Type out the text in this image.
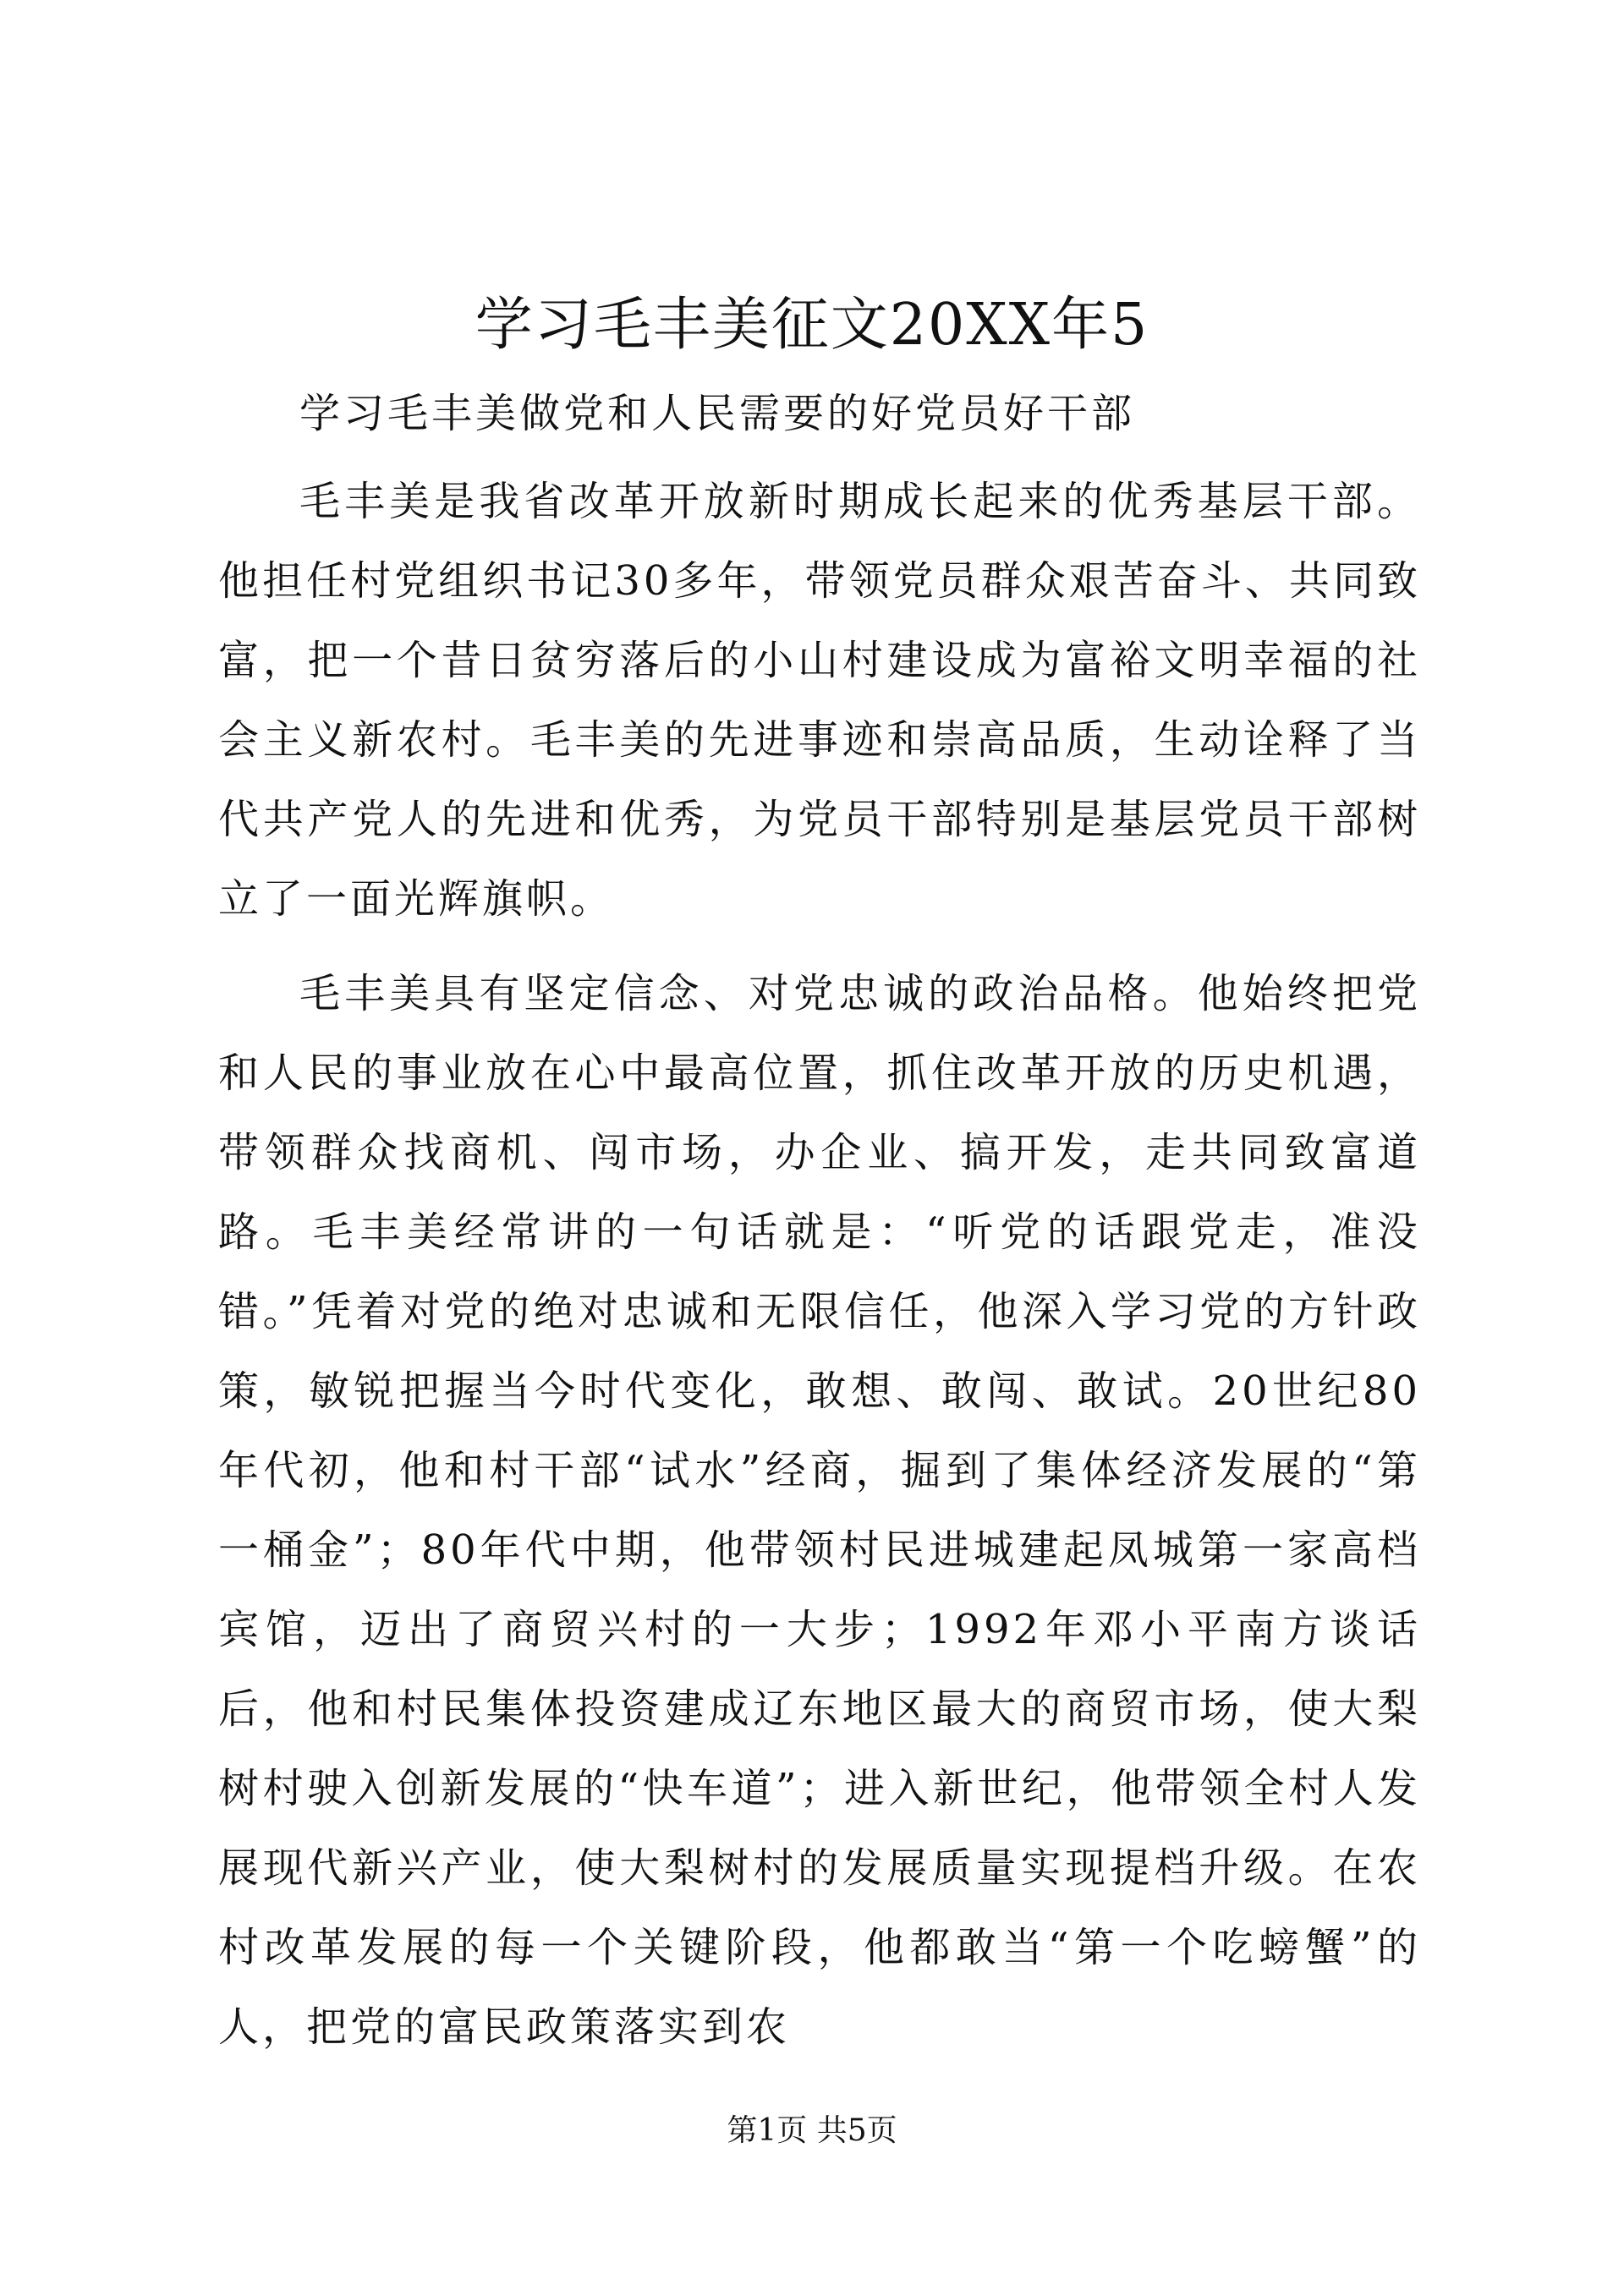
学习毛丰美征文20XX年5

学习毛丰美做党和人民需要的好党员好干部

毛丰美是我省改革开放新时期成长起来的优秀基层干部。他担任村党组织书记30多年，带领党员群众艰苦奋斗、共同致富，把一个昔日贫穷落后的小山村建设成为富裕文明幸福的社会主义新农村。毛丰美的先进事迹和崇高品质，生动诠释了当代共产党人的先进和优秀，为党员干部特别是基层党员干部树立了一面光辉旗帜。

毛丰美具有坚定信念、对党忠诚的政治品格。他始终把党和人民的事业放在心中最高位置，抓住改革开放的历史机遇，带领群众找商机、闯市场，办企业、搞开发，走共同致富道路。毛丰美经常讲的一句话就是：“听党的话跟党走，准没错。”凭着对党的绝对忠诚和无限信任，他深入学习党的方针政策，敏锐把握当今时代变化，敢想、敢闯、敢试。20世纪80年代初，他和村干部“试水”经商，掘到了集体经济发展的“第一桶金”；80年代中期，他带领村民进城建起凤城第一家高档宾馆，迈出了商贸兴村的一大步；1992年邓小平南方谈话后，他和村民集体投资建成辽东地区最大的商贸市场，使大梨树村驶入创新发展的“快车道”；进入新世纪，他带领全村人发展现代新兴产业，使大梨树村的发展质量实现提档升级。在农村改革发展的每一个关键阶段，他都敢当“第一个吃螃蟹”的人，把党的富民政策落实到农

第1页 共5页
